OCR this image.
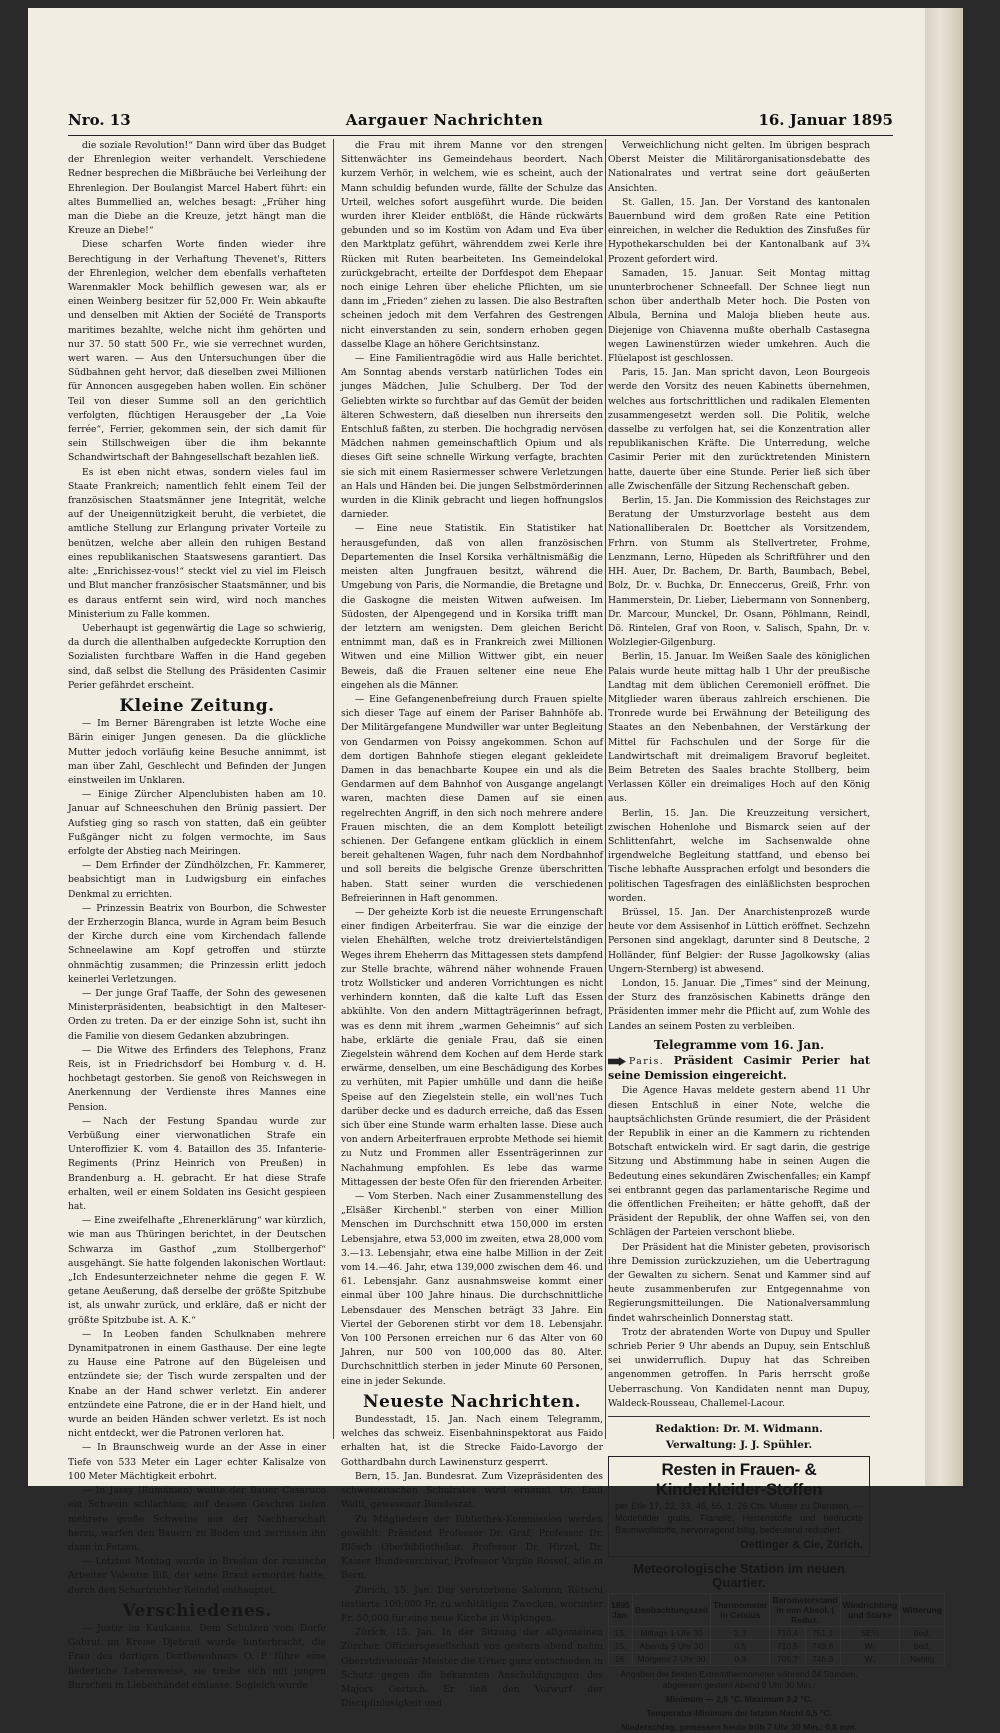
Nro. 13	Aargauer Nachrichten	16. Januar 1895

die soziale Revolution!“ Dann wird über das Budget der Ehrenlegion weiter verhandelt. Verschiedene Redner besprechen die Mißbräuche bei Verleihung der Ehrenlegion. Der Boulangist Marcel Habert führt: ein altes Bummellied an, welches besagt: „Früher hing man die Diebe an die Kreuze, jetzt hängt man die Kreuze an Diebe!“

Diese scharfen Worte finden wieder ihre Berechtigung in der Verhaftung Thevenet's, Ritters der Ehrenlegion, welcher dem ebenfalls verhafteten Warenmakler Mock behilflich gewesen war, als er einen Weinberg besitzer für 52,000 Fr. Wein abkaufte und denselben mit Aktien der Société de Transports maritimes bezahlte, welche nicht ihm gehörten und nur 37. 50 statt 500 Fr., wie sie verrechnet wurden, wert waren. — Aus den Untersuchungen über die Südbahnen geht hervor, daß dieselben zwei Millionen für Annoncen ausgegeben haben wollen. Ein schöner Teil von dieser Summe soll an den gerichtlich verfolgten, flüchtigen Herausgeber der „La Voie ferrée“, Ferrier, gekommen sein, der sich damit für sein Stillschweigen über die ihm bekannte Schandwirtschaft der Bahngesellschaft bezahlen ließ.

Es ist eben nicht etwas, sondern vieles faul im Staate Frankreich; namentlich fehlt einem Teil der französischen Staatsmänner jene Integrität, welche auf der Uneigennützigkeit beruht, die verbietet, die amtliche Stellung zur Erlangung privater Vorteile zu benützen, welche aber allein den ruhigen Bestand eines republikanischen Staatswesens garantiert. Das alte: „Enrichissez-vous!“ steckt viel zu viel im Fleisch und Blut mancher französischer Staatsmänner, und bis es daraus entfernt sein wird, wird noch manches Ministerium zu Falle kommen.

Ueberhaupt ist gegenwärtig die Lage so schwierig, da durch die allenthalben aufgedeckte Korruption den Sozialisten furchtbare Waffen in die Hand gegeben sind, daß selbst die Stellung des Präsidenten Casimir Perier gefährdet erscheint.

Kleine Zeitung.

— Im Berner Bärengraben ist letzte Woche eine Bärin einiger Jungen genesen. Da die glückliche Mutter jedoch vorläufig keine Besuche annimmt, ist man über Zahl, Geschlecht und Befinden der Jungen einstweilen im Unklaren.

— Einige Zürcher Alpenclubisten haben am 10. Januar auf Schneeschuhen den Brünig passiert. Der Aufstieg ging so rasch von statten, daß ein geübter Fußgänger nicht zu folgen vermochte, im Saus erfolgte der Abstieg nach Meiringen.

— Dem Erfinder der Zündhölzchen, Fr. Kammerer, beabsichtigt man in Ludwigsburg ein einfaches Denkmal zu errichten.

— Prinzessin Beatrix von Bourbon, die Schwester der Erzherzogin Blanca, wurde in Agram beim Besuch der Kirche durch eine vom Kirchendach fallende Schneelawine am Kopf getroffen und stürzte ohnmächtig zusammen; die Prinzessin erlitt jedoch keinerlei Verletzungen.

— Der junge Graf Taaffe, der Sohn des gewesenen Ministerpräsidenten, beabsichtigt in den Malteser-Orden zu treten. Da er der einzige Sohn ist, sucht ihn die Familie von diesem Gedanken abzubringen.

— Die Witwe des Erfinders des Telephons, Franz Reis, ist in Friedrichsdorf bei Homburg v. d. H. hochbetagt gestorben. Sie genoß von Reichswegen in Anerkennung der Verdienste ihres Mannes eine Pension.

— Nach der Festung Spandau wurde zur Verbüßung einer vierwonatlichen Strafe ein Unteroffizier K. vom 4. Bataillon des 35. Infanterie-Regiments (Prinz Heinrich von Preußen) in Brandenburg a. H. gebracht. Er hat diese Strafe erhalten, weil er einem Soldaten ins Gesicht gespieen hat.

— Eine zweifelhafte „Ehrenerklärung“ war kürzlich, wie man aus Thüringen berichtet, in der Deutschen Schwarza im Gasthof „zum Stollbergerhof“ ausgehängt. Sie hatte folgenden lakonischen Wortlaut: „Ich Endesunterzeichneter nehme die gegen F. W. getane Aeußerung, daß derselbe der größte Spitzbube ist, als unwahr zurück, und erkläre, daß er nicht der größte Spitzbube ist. A. K.“

— In Leoben fanden Schulknaben mehrere Dynamitpatronen in einem Gasthause. Der eine legte zu Hause eine Patrone auf den Bügeleisen und entzündete sie; der Tisch wurde zerspalten und der Knabe an der Hand schwer verletzt. Ein anderer entzündete eine Patrone, die er in der Hand hielt, und wurde an beiden Händen schwer verletzt. Es ist noch nicht entdeckt, wer die Patronen verloren hat.

— In Braunschweig wurde an der Asse in einer Tiefe von 533 Meter ein Lager echter Kalisalze von 100 Meter Mächtigkeit erbohrt.

— In Jassy (Rumänien) wollte der Bauer Casaruco ein Schwein schlachten; auf dessen Geschrei liefen mehrere große Schweine aus der Nachbarschaft herzu, warfen den Bauern zu Boden und zerrissen ihn dann in Fetzen.

— Letzten Montag wurde in Breslau der russische Arbeiter Valentin Biß, der seine Braut ermordet hatte, durch den Scharfrichter Reindel enthauptet.

Verschiedenes.

— Justiz im Kaukasus. Dem Schulzen vom Dorfe Gabrut im Kreise Djebrail wurde hinterbracht, die Frau des dortigen Dorfbewohners O. P. führe eine liederliche Lebensweise, sie treibe sich mit jungen Burschen in Liebeshändel einlasse. Sogleich wurde

die Frau mit ihrem Manne vor den strengen Sittenwächter ins Gemeindehaus beordert. Nach kurzem Verhör, in welchem, wie es scheint, auch der Mann schuldig befunden wurde, fällte der Schulze das Urteil, welches sofort ausgeführt wurde. Die beiden wurden ihrer Kleider entblößt, die Hände rückwärts gebunden und so im Kostüm von Adam und Eva über den Marktplatz geführt, währenddem zwei Kerle ihre Rücken mit Ruten bearbeiteten. Ins Gemeindelokal zurückgebracht, erteilte der Dorfdespot dem Ehepaar noch einige Lehren über eheliche Pflichten, um sie dann im „Frieden“ ziehen zu lassen. Die also Bestraften scheinen jedoch mit dem Verfahren des Gestrengen nicht einverstanden zu sein, sondern erhoben gegen dasselbe Klage an höhere Gerichtsinstanz.

— Eine Familientragödie wird aus Halle berichtet. Am Sonntag abends verstarb natürlichen Todes ein junges Mädchen, Julie Schulberg. Der Tod der Geliebten wirkte so furchtbar auf das Gemüt der beiden älteren Schwestern, daß dieselben nun ihrerseits den Entschluß faßten, zu sterben. Die hochgradig nervösen Mädchen nahmen gemeinschaftlich Opium und als dieses Gift seine schnelle Wirkung verfagte, brachten sie sich mit einem Rasiermesser schwere Verletzungen an Hals und Händen bei. Die jungen Selbstmörderinnen wurden in die Klinik gebracht und liegen hoffnungslos darnieder.

— Eine neue Statistik. Ein Statistiker hat herausgefunden, daß von allen französischen Departementen die Insel Korsika verhältnismäßig die meisten alten Jungfrauen besitzt, während die Umgebung von Paris, die Normandie, die Bretagne und die Gaskogne die meisten Witwen aufweisen. Im Südosten, der Alpengegend und in Korsika trifft man der letztern am wenigsten. Dem gleichen Bericht entnimmt man, daß es in Frankreich zwei Millionen Witwen und eine Million Wittwer gibt, ein neuer Beweis, daß die Frauen seltener eine neue Ehe eingehen als die Männer.

— Eine Gefangenenbefreiung durch Frauen spielte sich dieser Tage auf einem der Pariser Bahnhöfe ab. Der Militärgefangene Mundwiller war unter Begleitung von Gendarmen von Poissy angekommen. Schon auf dem dortigen Bahnhofe stiegen elegant gekleidete Damen in das benachbarte Koupee ein und als die Gendarmen auf dem Bahnhof von Ausgange angelangt waren, machten diese Damen auf sie einen regelrechten Angriff, in den sich noch mehrere andere Frauen mischten, die an dem Komplott beteiligt schienen. Der Gefangene entkam glücklich in einem bereit gehaltenen Wagen, fuhr nach dem Nordbahnhof und soll bereits die belgische Grenze überschritten haben. Statt seiner wurden die verschiedenen Befreierinnen in Haft genommen.

— Der geheizte Korb ist die neueste Errungenschaft einer findigen Arbeiterfrau. Sie war die einzige der vielen Ehehälften, welche trotz dreiviertelständigen Weges ihrem Eheherrn das Mittagessen stets dampfend zur Stelle brachte, während näher wohnende Frauen trotz Wollsticker und anderen Vorrichtungen es nicht verhindern konnten, daß die kalte Luft das Essen abkühlte. Von den andern Mittagträgerinnen befragt, was es denn mit ihrem „warmen Geheimnis“ auf sich habe, erklärte die geniale Frau, daß sie einen Ziegelstein während dem Kochen auf dem Herde stark erwärme, denselben, um eine Beschädigung des Korbes zu verhüten, mit Papier umhülle und dann die heiße Speise auf den Ziegelstein stelle, ein woll'nes Tuch darüber decke und es dadurch erreiche, daß das Essen sich über eine Stunde warm erhalten lasse. Diese auch von andern Arbeiterfrauen erprobte Methode sei hiemit zu Nutz und Frommen aller Essenträgerinnen zur Nachahmung empfohlen. Es lebe das warme Mittagessen der beste Ofen für den frierenden Arbeiter.

— Vom Sterben. Nach einer Zusammenstellung des „Elsäßer Kirchenbl.“ sterben von einer Million Menschen im Durchschnitt etwa 150,000 im ersten Lebensjahre, etwa 53,000 im zweiten, etwa 28,000 vom 3.—13. Lebensjahr, etwa eine halbe Million in der Zeit vom 14.—46. Jahr, etwa 139,000 zwischen dem 46. und 61. Lebensjahr. Ganz ausnahmsweise kommt einer einmal über 100 Jahre hinaus. Die durchschnittliche Lebensdauer des Menschen beträgt 33 Jahre. Ein Viertel der Geborenen stirbt vor dem 18. Lebensjahr. Von 100 Personen erreichen nur 6 das Alter von 60 Jahren, nur 500 von 100,000 das 80. Alter. Durchschnittlich sterben in jeder Minute 60 Personen, eine in jeder Sekunde.

Neueste Nachrichten.

Bundesstadt, 15. Jan. Nach einem Telegramm, welches das schweiz. Eisenbahninspektorat aus Faido erhalten hat, ist die Strecke Faido-Lavorgo der Gotthardbahn durch Lawinensturz gesperrt.

Bern, 15. Jan. Bundesrat. Zum Vizepräsidenten des schweizerischen Schulrates wird ernannt Dr. Emil Welti, gewesener Bundesrat.

Zu Mitgliedern der Bibliothek-Kommission werden gewählt: Präsident Professor Dr. Graf, Professor Dr. Blösch Oberbibliothekar. Professor Dr. Hirzel, Dr. Kaiser Bundesarchivar, Professor Virgile Rossel, alle in Bern.

Zürich, 15. Jan. Der verstorbene Salomon Rütschi testierte 100,000 Fr. zu wohltätigen Zwecken, worunter Fr. 50,000 für eine neue Kirche in Wipkingen.

Zürich, 15. Jan. In der Sitzung der allgemeinen Zürcher. Offiziersgesellschaft von gestern abend nahm Oberstdivisionär Meister die Urner ganz entschieden in Schutz gegen die bekannten Anschuldigungen des Majors Gertsch. Er ließ den Vorwurf der Disciplinlosigkeit und

Verweichlichung nicht gelten. Im übrigen besprach Oberst Meister die Militärorganisationsdebatte des Nationalrates und vertrat seine dort geäußerten Ansichten.

St. Gallen, 15. Jan. Der Vorstand des kantonalen Bauernbund wird dem großen Rate eine Petition einreichen, in welcher die Reduktion des Zinsfußes für Hypothekarschulden bei der Kantonalbank auf 3¾ Prozent gefordert wird.

Samaden, 15. Januar. Seit Montag mittag ununterbrochener Schneefall. Der Schnee liegt nun schon über anderthalb Meter hoch. Die Posten von Albula, Bernina und Maloja blieben heute aus. Diejenige von Chiavenna mußte oberhalb Castasegna wegen Lawinenstürzen wieder umkehren. Auch die Flüelapost ist geschlossen.

Paris, 15. Jan. Man spricht davon, Leon Bourgeois werde den Vorsitz des neuen Kabinetts übernehmen, welches aus fortschrittlichen und radikalen Elementen zusammengesetzt werden soll. Die Politik, welche dasselbe zu verfolgen hat, sei die Konzentration aller republikanischen Kräfte. Die Unterredung, welche Casimir Perier mit den zurücktretenden Ministern hatte, dauerte über eine Stunde. Perier ließ sich über alle Zwischenfälle der Sitzung Rechenschaft geben.

Berlin, 15. Jan. Die Kommission des Reichstages zur Beratung der Umsturzvorlage besteht aus dem Nationalliberalen Dr. Boettcher als Vorsitzendem, Frhrn. von Stumm als Stellvertreter, Frohme, Lenzmann, Lerno, Hüpeden als Schriftführer und den HH. Auer, Dr. Bachem, Dr. Barth, Baumbach, Bebel, Bolz, Dr. v. Buchka, Dr. Enneccerus, Greiß, Frhr. von Hammerstein, Dr. Lieber, Liebermann von Sonnenberg, Dr. Marcour, Munckel, Dr. Osann, Pöhlmann, Reindl, Dö. Rintelen, Graf von Roon, v. Salisch, Spahn, Dr. v. Wolzlegier-Gilgenburg.

Berlin, 15. Januar. Im Weißen Saale des königlichen Palais wurde heute mittag halb 1 Uhr der preußische Landtag mit dem üblichen Ceremoniell eröffnet. Die Mitglieder waren überaus zahlreich erschienen. Die Tronrede wurde bei Erwähnung der Beteiligung des Staates an den Nebenbahnen, der Verstärkung der Mittel für Fachschulen und der Sorge für die Landwirtschaft mit dreimaligem Bravoruf begleitet. Beim Betreten des Saales brachte Stollberg, beim Verlassen Köller ein dreimaliges Hoch auf den König aus.

Berlin, 15. Jan. Die Kreuzzeitung versichert, zwischen Hohenlohe und Bismarck seien auf der Schlittenfahrt, welche im Sachsenwalde ohne irgendwelche Begleitung stattfand, und ebenso bei Tische lebhafte Aussprachen erfolgt und besonders die politischen Tagesfragen des einläßlichsten besprochen worden.

Brüssel, 15. Jan. Der Anarchistenprozeß wurde heute vor dem Assisenhof in Lüttich eröffnet. Sechzehn Personen sind angeklagt, darunter sind 8 Deutsche, 2 Holländer, fünf Belgier: der Russe Jagolkowsky (alias Ungern-Sternberg) ist abwesend.

London, 15. Januar. Die „Times“ sind der Meinung, der Sturz des französischen Kabinetts dränge den Präsidenten immer mehr die Pflicht auf, zum Wohle des Landes an seinem Posten zu verbleiben.

Telegramme vom 16. Jan.

Paris. Präsident Casimir Perier hat seine Demission eingereicht.

Die Agence Havas meldete gestern abend 11 Uhr diesen Entschluß in einer Note, welche die hauptsächlichsten Gründe resumiert, die der Präsident der Republik in einer an die Kammern zu richtenden Botschaft entwickeln wird. Er sagt darin, die gestrige Sitzung und Abstimmung habe in seinen Augen die Bedeutung eines sekundären Zwischenfalles; ein Kampf sei entbrannt gegen das parlamentarische Regime und die öffentlichen Freiheiten; er hätte gehofft, daß der Präsident der Republik, der ohne Waffen sei, von den Schlägen der Parteien verschont bliebe.

Der Präsident hat die Minister gebeten, provisorisch ihre Demission zurückzuziehen, um die Uebertragung der Gewalten zu sichern. Senat und Kammer sind auf heute zusammenberufen zur Entgegennahme von Regierungsmitteilungen. Die Nationalversammlung findet wahrscheinlich Donnerstag statt.

Trotz der abratenden Worte von Dupuy und Spuller schrieb Perier 9 Uhr abends an Dupuy, sein Entschluß sei unwiderruflich. Dupuy hat das Schreiben angenommen getroffen. In Paris herrscht große Ueberraschung. Von Kandidaten nennt man Dupuy, Waldeck-Rousseau, Challemel-Lacour.

Redaktion: Dr. M. Widmann.
Verwaltung: J. J. Spühler.
Resten in Frauen- & Kinderkleider-Stoffen
per Elle 17, 22, 33, 45, 55, 1. 26 Cts. Muster zu Diensten. — Modebilder gratis. Flanelle, Herrenstoffe und bedruckte Baumwollstoffe, hervorragend billig, bedeutend reduziert.
Oettinger & Cie, Zürich.
Meteorologische Station im neuen Quartier.
1895 Jan.	Beobachtungszeit	Thermometer in Celsius	Barometerstand in mm Absol. | Reduz.		Windrichtung und Stärke	Witterung
15.	Mittags 1 Uhr 30	2,3	710,4	751,1	SE¼	bed.
15.	Abends 9 Uhr 30	0,5	710,5	749,6	W₁	bed.
16.	Morgens 7 Uhr 30	0,3	709,7	746,3	W₁	Neblig
Angaben der beiden Extremthermometer während 24 Stunden, abgelesen gestern Abend 9 Uhr 30 Min.:
Minimum — 2,6 °C. Maximum 3,2 °C.
Temperatur-Minimum der letzten Nacht 0,5 °C.
Niederschlag, gemessen heute früh 7 Uhr 30 Min.: 0,8 mm.
